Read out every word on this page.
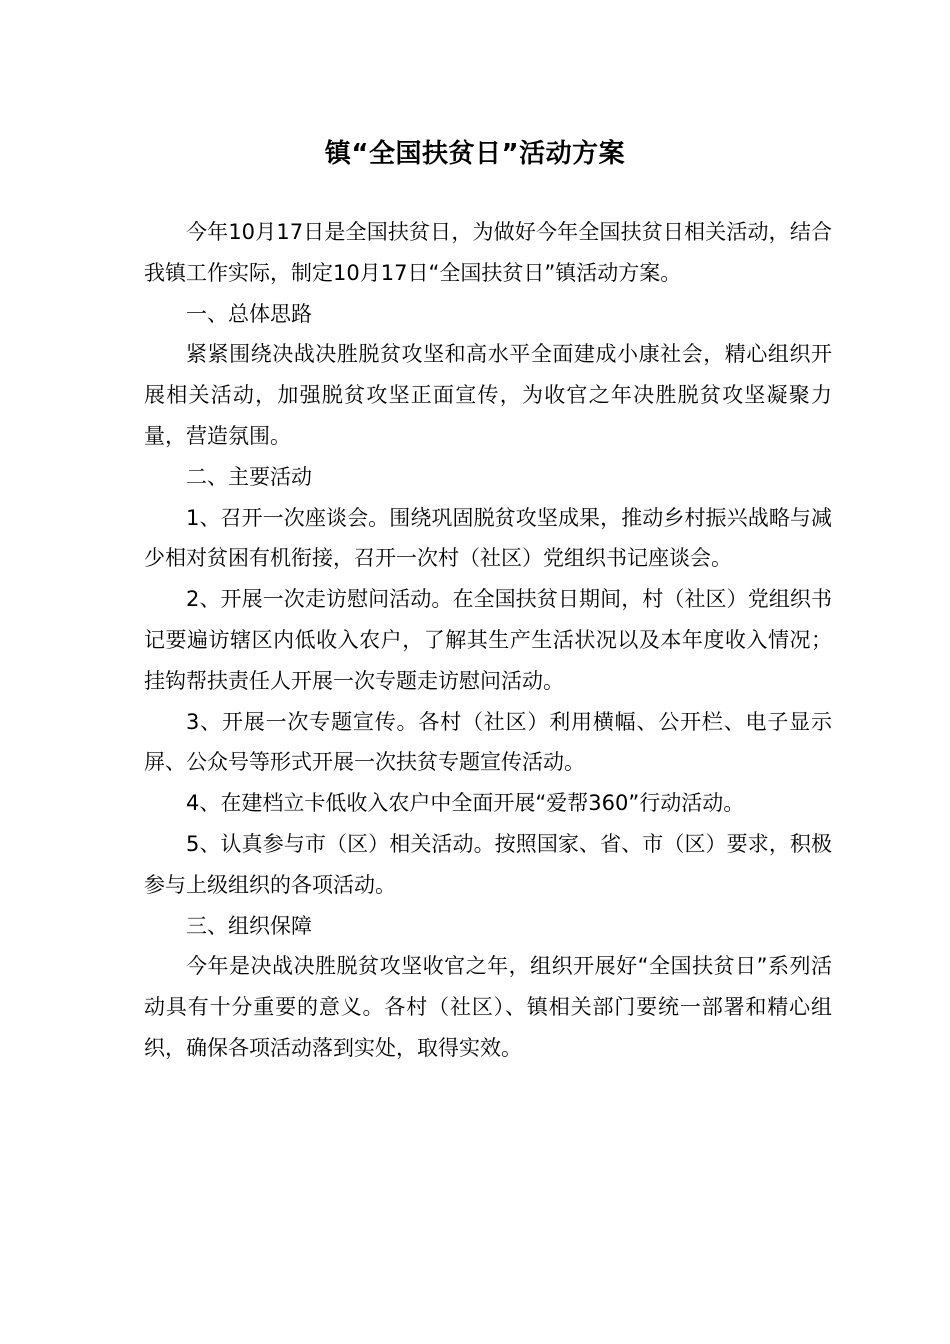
镇“全国扶贫日”活动方案

今年10月17日是全国扶贫日，为做好今年全国扶贫日相关活动，结合我镇工作实际，制定10月17日“全国扶贫日”镇活动方案。

一、总体思路

紧紧围绕决战决胜脱贫攻坚和高水平全面建成小康社会，精心组织开展相关活动，加强脱贫攻坚正面宣传，为收官之年决胜脱贫攻坚凝聚力量，营造氛围。

二、主要活动

1、召开一次座谈会。围绕巩固脱贫攻坚成果，推动乡村振兴战略与减少相对贫困有机衔接，召开一次村（社区）党组织书记座谈会。

2、开展一次走访慰问活动。在全国扶贫日期间，村（社区）党组织书记要遍访辖区内低收入农户，了解其生产生活状况以及本年度收入情况；挂钩帮扶责任人开展一次专题走访慰问活动。

3、开展一次专题宣传。各村（社区）利用横幅、公开栏、电子显示屏、公众号等形式开展一次扶贫专题宣传活动。

4、在建档立卡低收入农户中全面开展“爱帮360”行动活动。

5、认真参与市（区）相关活动。按照国家、省、市（区）要求，积极参与上级组织的各项活动。

三、组织保障

今年是决战决胜脱贫攻坚收官之年，组织开展好“全国扶贫日”系列活动具有十分重要的意义。各村（社区）、镇相关部门要统一部署和精心组织，确保各项活动落到实处，取得实效。
